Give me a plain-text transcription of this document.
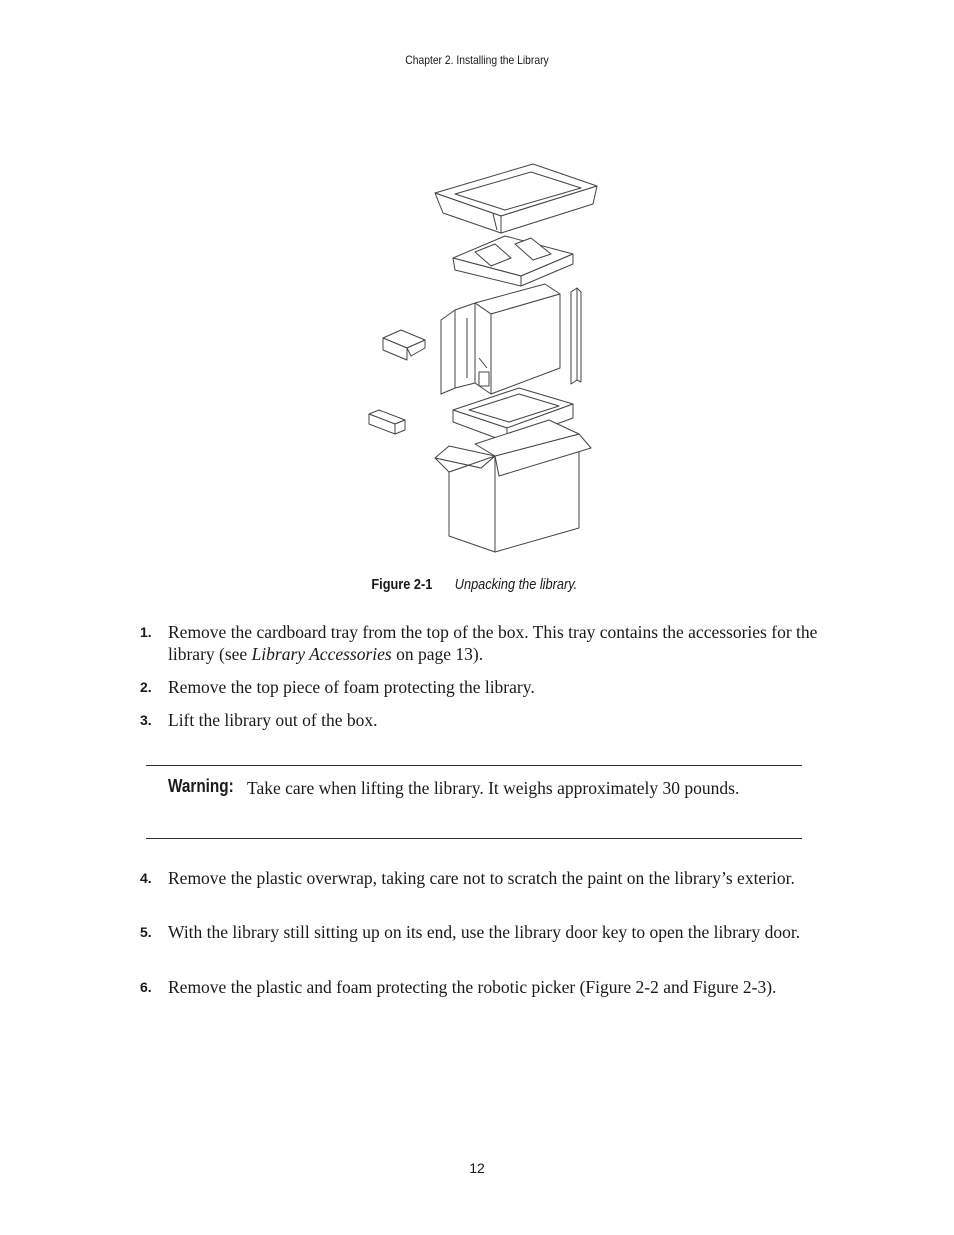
Chapter 2. Installing the Library
Figure 2-1 Unpacking the library.
1. Remove the cardboard tray from the top of the box. This tray contains the accessories for the library (see Library Accessories on page 13).
2. Remove the top piece of foam protecting the library.
3. Lift the library out of the box.
Warning: Take care when lifting the library. It weighs approximately 30 pounds.
4. Remove the plastic overwrap, taking care not to scratch the paint on the library’s exterior.
5. With the library still sitting up on its end, use the library door key to open the library door.
6. Remove the plastic and foam protecting the robotic picker (Figure 2-2 and Figure 2-3).
12
